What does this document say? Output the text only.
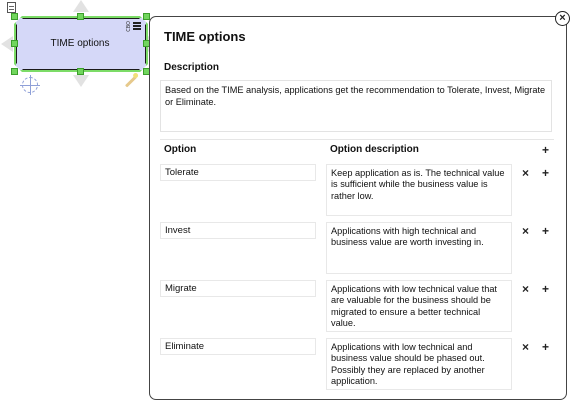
TIME options
CBO
TIME options
Description
Based on the TIME analysis, applications get the recommendation to Tolerate, Invest, Migrate or Eliminate.
Option	Option description	+
Tolerate	Keep application as is. The technical value is sufficient while the business value is rather low.
× +
Invest	Applications with high technical and business value are worth investing in.
× +
Migrate	Applications with low technical value that are valuable for the business should be migrated to ensure a better technical value.
× +
Eliminate	Applications with low technical and business value should be phased out. Possibly they are replaced by another application.
× +
×
